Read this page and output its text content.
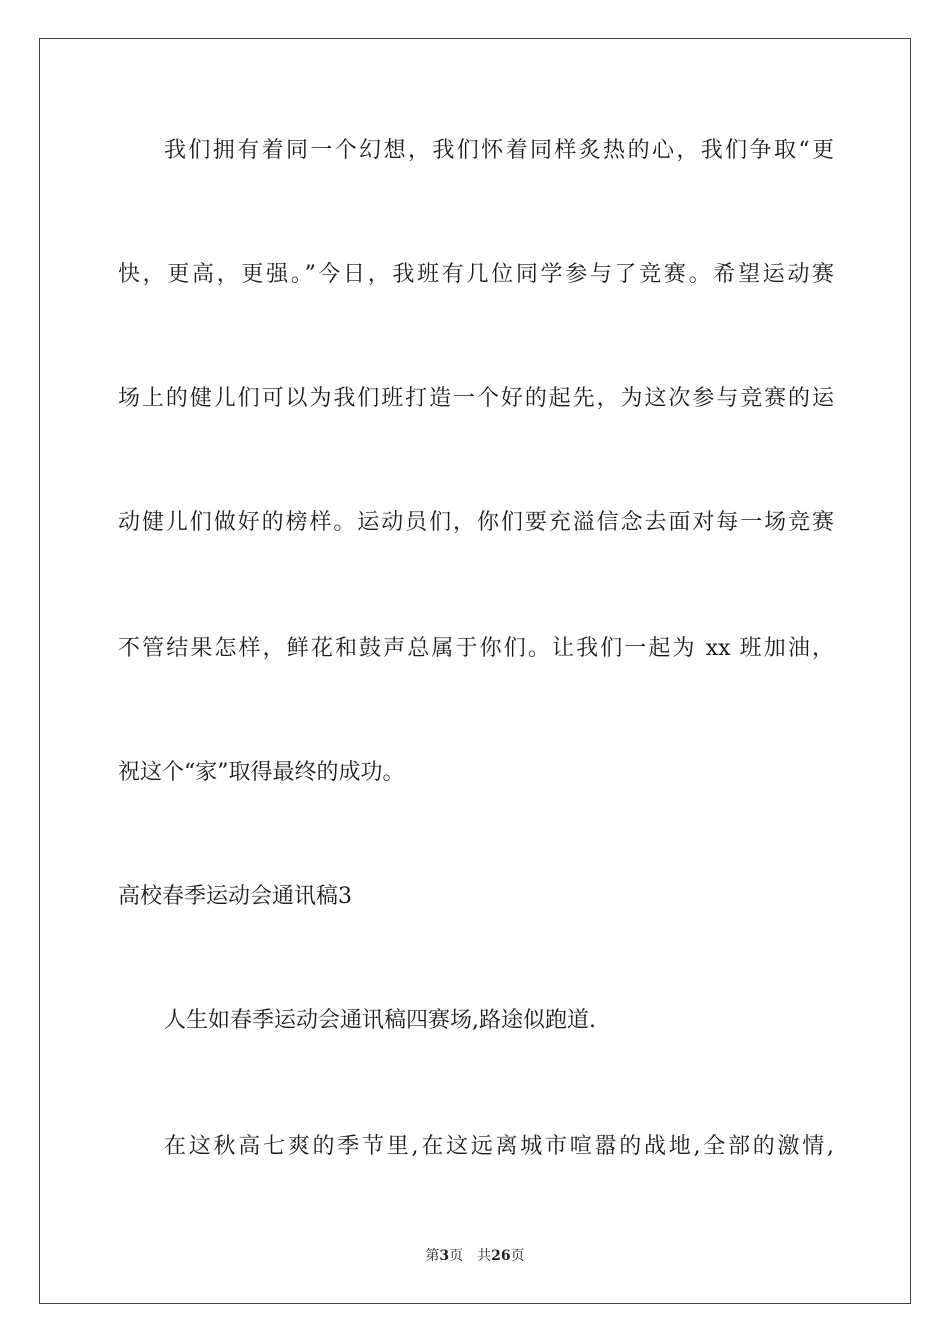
我们拥有着同一个幻想，我们怀着同样炙热的心，我们争取“更
快，更高，更强。”今日，我班有几位同学参与了竞赛。希望运动赛
场上的健儿们可以为我们班打造一个好的起先，为这次参与竞赛的运
动健儿们做好的榜样。运动员们，你们要充溢信念去面对每一场竞赛
不管结果怎样，鲜花和鼓声总属于你们。让我们一起为 xx 班加油，
祝这个“家”取得最终的成功。
高校春季运动会通讯稿3
人生如春季运动会通讯稿四赛场,路途似跑道.
在这秋高七爽的季节里,在这远离城市喧嚣的战地,全部的激情,
第3页 共26页
